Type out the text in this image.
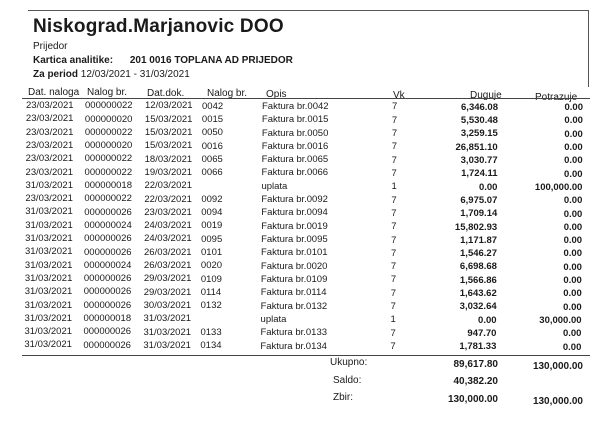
Niskograd.Marjanovic DOO
Prijedor
Kartica analitike: 201 0016 TOPLANA AD PRIJEDOR
Za period 12/03/2021 - 31/03/2021
Dat. naloga Nalog br. Dat.dok. Nalog br. Opis	Vk	Duguje	Potrazuje
23/03/2021 000000022 12/03/2021 0042	Faktura br.0042	7	6,346.08	0.00
23/03/2021 000000020 15/03/2021 0015	Faktura br.0015	7	5,530.48	0.00
23/03/2021 000000022 15/03/2021 0050	Faktura br.0050	7	3,259.15	0.00
23/03/2021 000000020 15/03/2021 0016	Faktura br.0016	7	26,851.10	0.00
23/03/2021 000000022 18/03/2021 0065	Faktura br.0065	7	3,030.77	0.00
23/03/2021 000000022 19/03/2021 0066	Faktura br.0066	7	1,724.11	0.00
31/03/2021 000000018 22/03/2021	uplata	1	0.00	100,000.00
23/03/2021 000000022 22/03/2021 0092	Faktura br.0092	7	6,975.07	0.00
31/03/2021 000000026 23/03/2021 0094	Faktura br.0094	7	1,709.14	0.00
31/03/2021 000000024 24/03/2021 0019	Faktura br.0019	7	15,802.93	0.00
31/03/2021 000000026 24/03/2021 0095	Faktura br.0095	7	1,171.87	0.00
31/03/2021 000000026 26/03/2021 0101	Faktura br.0101	7	1,546.27	0.00
31/03/2021 000000024 26/03/2021 0020	Faktura br.0020	7	6,698.68	0.00
31/03/2021 000000026 29/03/2021 0109	Faktura br.0109	7	1,566.86	0.00
31/03/2021 000000026 29/03/2021 0114	Faktura br.0114	7	1,643.62	0.00
31/03/2021 000000026 30/03/2021 0132	Faktura br.0132	7	3,032.64	0.00
31/03/2021 000000018 31/03/2021	uplata	1	0.00	30,000.00
31/03/2021 000000026 31/03/2021 0133	Faktura br.0133	7	947.70	0.00
31/03/2021 000000026 31/03/2021 0134	Faktura br.0134	7	1,781.33	0.00
Ukupno:	89,617.80	130,000.00
Saldo:	40,382.20
Zbir:	130,000.00	130,000.00
